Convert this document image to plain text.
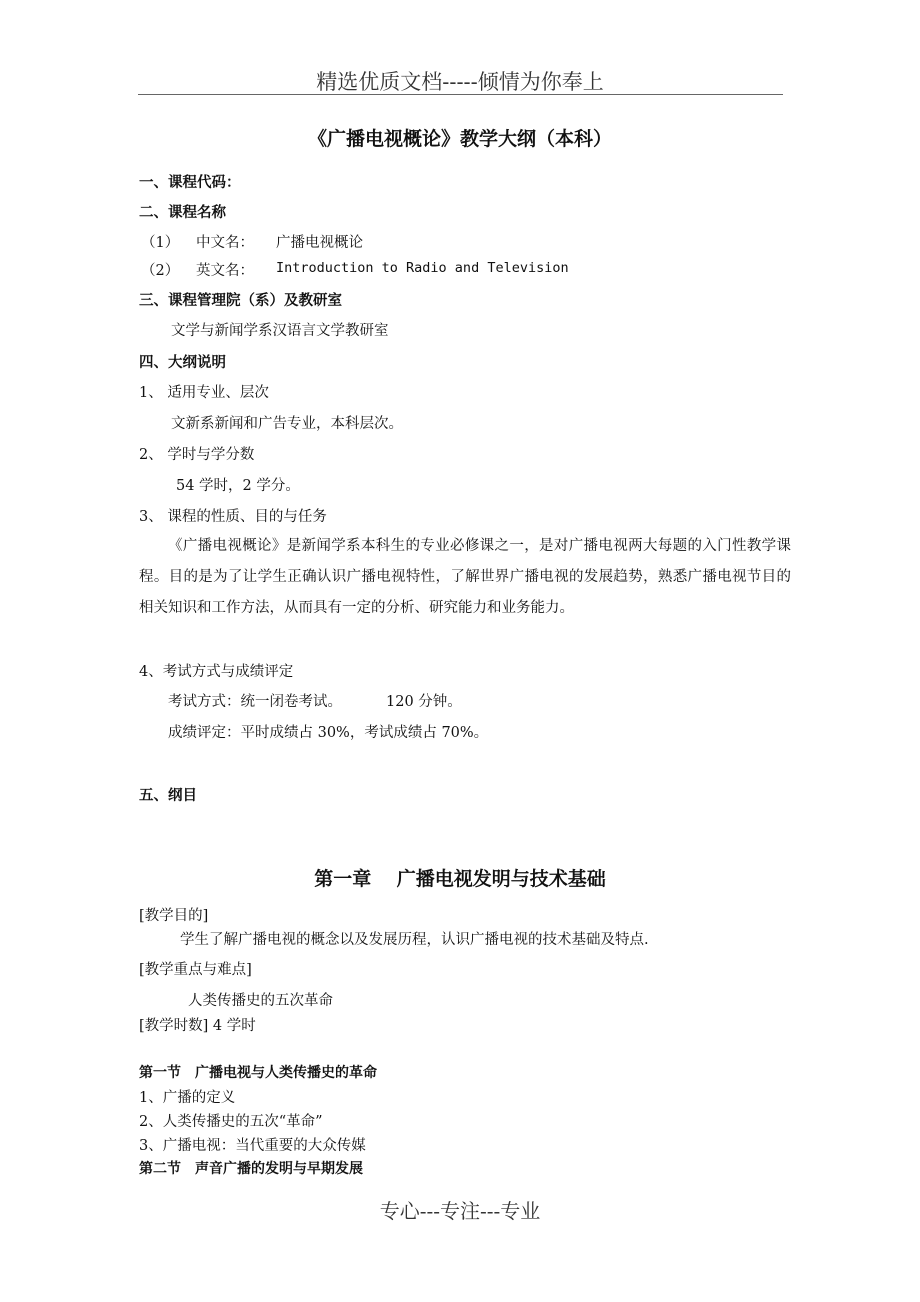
精选优质文档-----倾情为你奉上
《广播电视概论》教学大纲（本科）
一、课程代码：
二、课程名称
（1） 中文名： 广播电视概论
（2） 英文名： Introduction to Radio and Television
三、课程管理院（系）及教研室
文学与新闻学系汉语言文学教研室
四、大纲说明
1、 适用专业、层次
文新系新闻和广告专业，本科层次。
2、 学时与学分数
54 学时，2 学分。
3、 课程的性质、目的与任务
《广播电视概论》是新闻学系本科生的专业必修课之一，是对广播电视两大每题的入门性教学课程。目的是为了让学生正确认识广播电视特性，了解世界广播电视的发展趋势，熟悉广播电视节目的相关知识和工作方法，从而具有一定的分析、研究能力和业务能力。
4、考试方式与成绩评定
考试方式：统一闭卷考试。	120 分钟。
成绩评定：平时成绩占 30%，考试成绩占 70%。
五、纲目
第一章　 广播电视发明与技术基础
[教学目的]
学生了解广播电视的概念以及发展历程，认识广播电视的技术基础及特点.
[教学重点与难点]
人类传播史的五次革命
[教学时数] 4 学时
第一节　广播电视与人类传播史的革命
1、广播的定义
2、人类传播史的五次“革命”
3、广播电视：当代重要的大众传媒
第二节　声音广播的发明与早期发展
专心---专注---专业
